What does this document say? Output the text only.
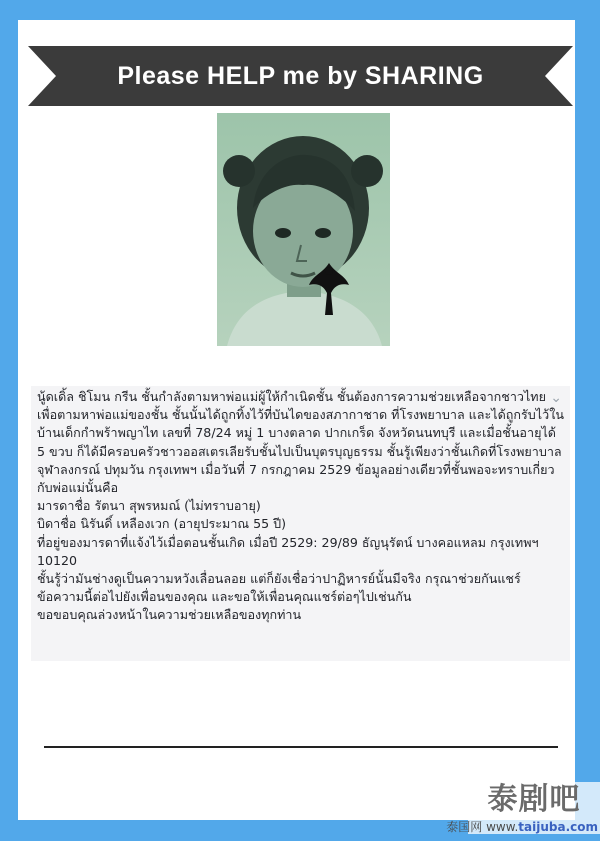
Please HELP me by SHARING
⌄
นู้ดเดิ้ล ชิโมน กรีน ชั้นกำลังตามหาพ่อแม่ผู้ให้กำเนิดชั้น ชั้นต้องการความช่วยเหลือจากชาวไทยเพื่อตามหาพ่อแม่ของชั้น ชั้นนั้นได้ถูกทิ้งไว้ที่บันไดของสภากาชาด ที่โรงพยาบาล และได้ถูกรับไว้ในบ้านเด็กกำพร้าพญาไท เลขที่ 78/24 หมู่ 1 บางตลาด ปากเกร็ด จังหวัดนนทบุรี และเมื่อชั้นอายุได้ 5 ขวบ ก็ได้มีครอบครัวชาวออสเตรเลียรับชั้นไปเป็นบุตรบุญธรรม ชั้นรู้เพียงว่าชั้นเกิดที่โรงพยาบาลจุฬาลงกรณ์ ปทุมวัน กรุงเทพฯ เมื่อวันที่ 7 กรกฎาคม 2529 ข้อมูลอย่างเดียวที่ชั้นพอจะทราบเกี่ยวกับพ่อแม่นั้นคือ
มารดาชื่อ รัตนา สุพรหมณ์ (ไม่ทราบอายุ)
บิดาชื่อ นิรันดิ์ เหลืองเวก (อายุประมาณ 55 ปี)
ที่อยู่ของมารดาที่แจ้งไว้เมื่อตอนชั้นเกิด เมื่อปี 2529: 29/89 ธัญนุรัตน์ บางคอแหลม กรุงเทพฯ 10120
ชั้นรู้ว่ามันช่างดูเป็นความหวังเลื่อนลอย แต่ก็ยังเชื่อว่าปาฏิหารย์นั้นมีจริง กรุณาช่วยกันแชร์ข้อความนี้ต่อไปยังเพื่อนของคุณ และขอให้เพื่อนคุณแชร์ต่อๆไปเช่นกัน
ขอขอบคุณล่วงหน้าในความช่วยเหลือของทุกท่าน
泰剧吧
泰国网 www.taijuba.com
